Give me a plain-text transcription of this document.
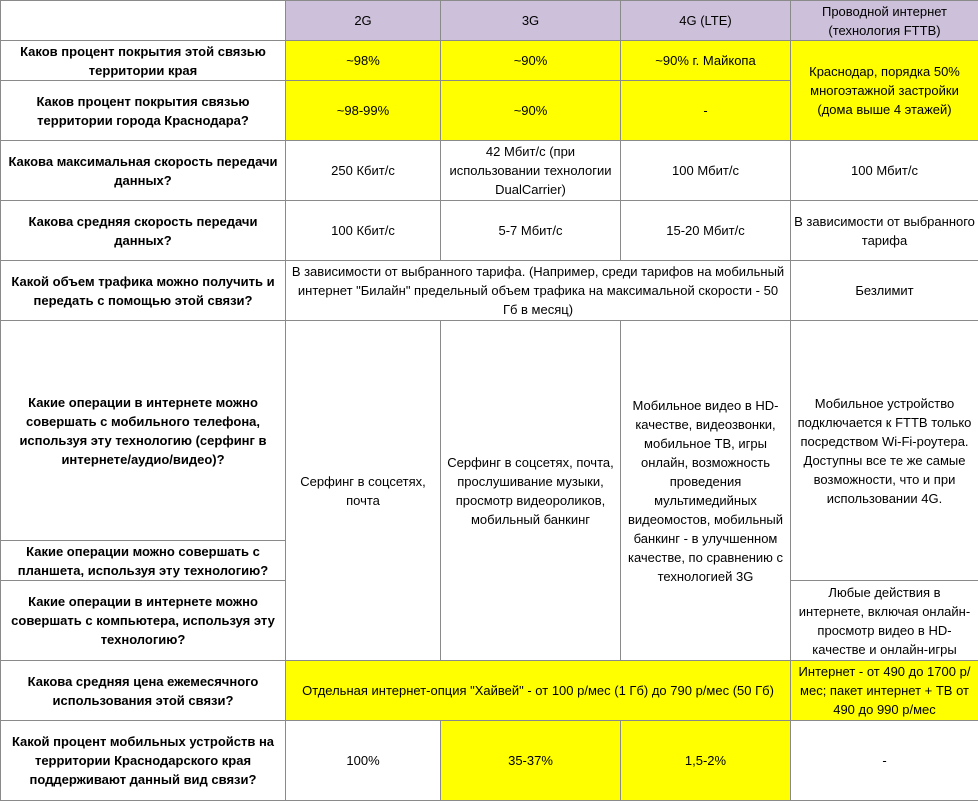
	2G	3G	4G (LTE)	Проводной интернет (технология FTTB)
Каков процент покрытия этой связью территории края	~98%	~90%	~90% г. Майкопа	Краснодар, порядка 50% многоэтажной застройки (дома выше 4 этажей)
Каков процент покрытия связью территории города Краснодара?	~98-99%	~90%	-	
Какова максимальная скорость передачи данных?	250 Кбит/с	42 Мбит/с (при использовании технологии DualCarrier)	100 Мбит/с	100 Мбит/с
Какова средняя скорость передачи данных?	100 Кбит/с	5-7 Мбит/с	15-20 Мбит/с	В зависимости от выбранного тарифа
Какой объем трафика можно получить и передать с помощью этой связи?	В зависимости от выбранного тарифа. (Например, среди тарифов на мобильный интернет "Билайн" предельный объем трафика на максимальной скорости - 50 Гб в месяц)			Безлимит
Какие операции в интернете можно совершать с мобильного телефона, используя эту технологию (серфинг в интернете/аудио/видео)?	Серфинг в соцсетях, почта	Серфинг в соцсетях, почта, прослушивание музыки, просмотр видеороликов, мобильный банкинг	Мобильное видео в HD-качестве, видеозвонки, мобильное ТВ, игры онлайн, возможность проведения мультимедийных видеомостов, мобильный банкинг - в улучшенном качестве, по сравнению с технологией 3G	Мобильное устройство подключается к FTTB только посредством Wi-Fi-роутера. Доступны все те же самые возможности, что и при использовании 4G.
Какие операции можно совершать с планшета, используя эту технологию?				
Какие операции в интернете можно совершать с компьютера, используя эту технологию?				Любые действия в интернете, включая онлайн-просмотр видео в HD-качестве и онлайн-игры
Какова средняя цена ежемесячного использования этой связи?	Отдельная интернет-опция "Хайвей" - от 100 р/мес (1 Гб) до 790 р/мес (50 Гб)			Интернет - от 490 до 1700 р/мес; пакет интернет + ТВ от 490 до 990 р/мес
Какой процент мобильных устройств на территории Краснодарского края поддерживают данный вид связи?	100%	35-37%	1,5-2%	-
